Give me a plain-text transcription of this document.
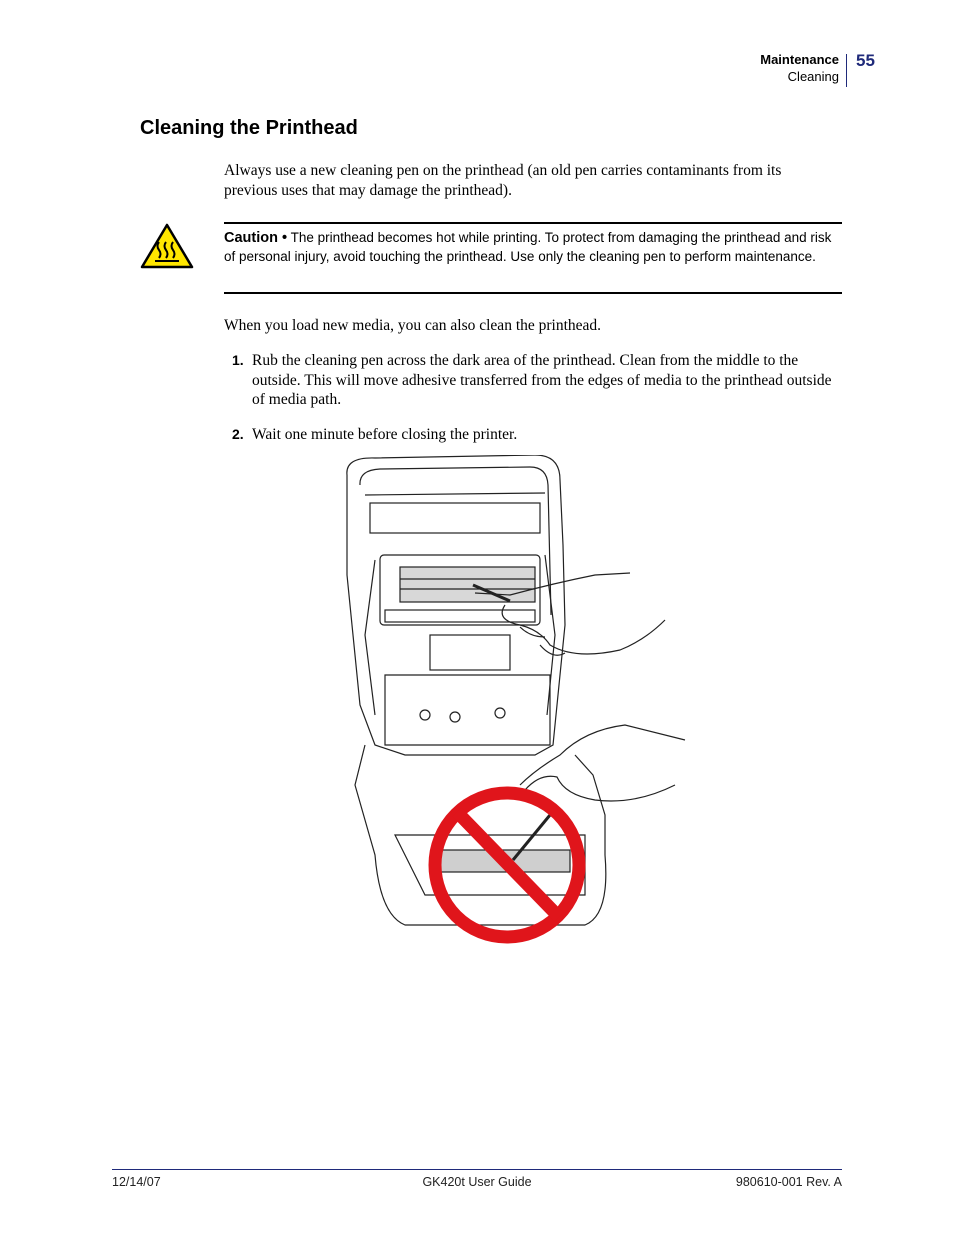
Maintenance
Cleaning
55
Cleaning the Printhead

Always use a new cleaning pen on the printhead (an old pen carries contaminants from its previous uses that may damage the printhead).

Caution • The printhead becomes hot while printing. To protect from damaging the printhead and risk of personal injury, avoid touching the printhead. Use only the cleaning pen to perform maintenance.

When you load new media, you can also clean the printhead.

1. Rub the cleaning pen across the dark area of the printhead. Clean from the middle to the outside. This will move adhesive transferred from the edges of media to the printhead outside of media path.
2. Wait one minute before closing the printer.
12/14/07	GK420t User Guide	980610-001 Rev. A
